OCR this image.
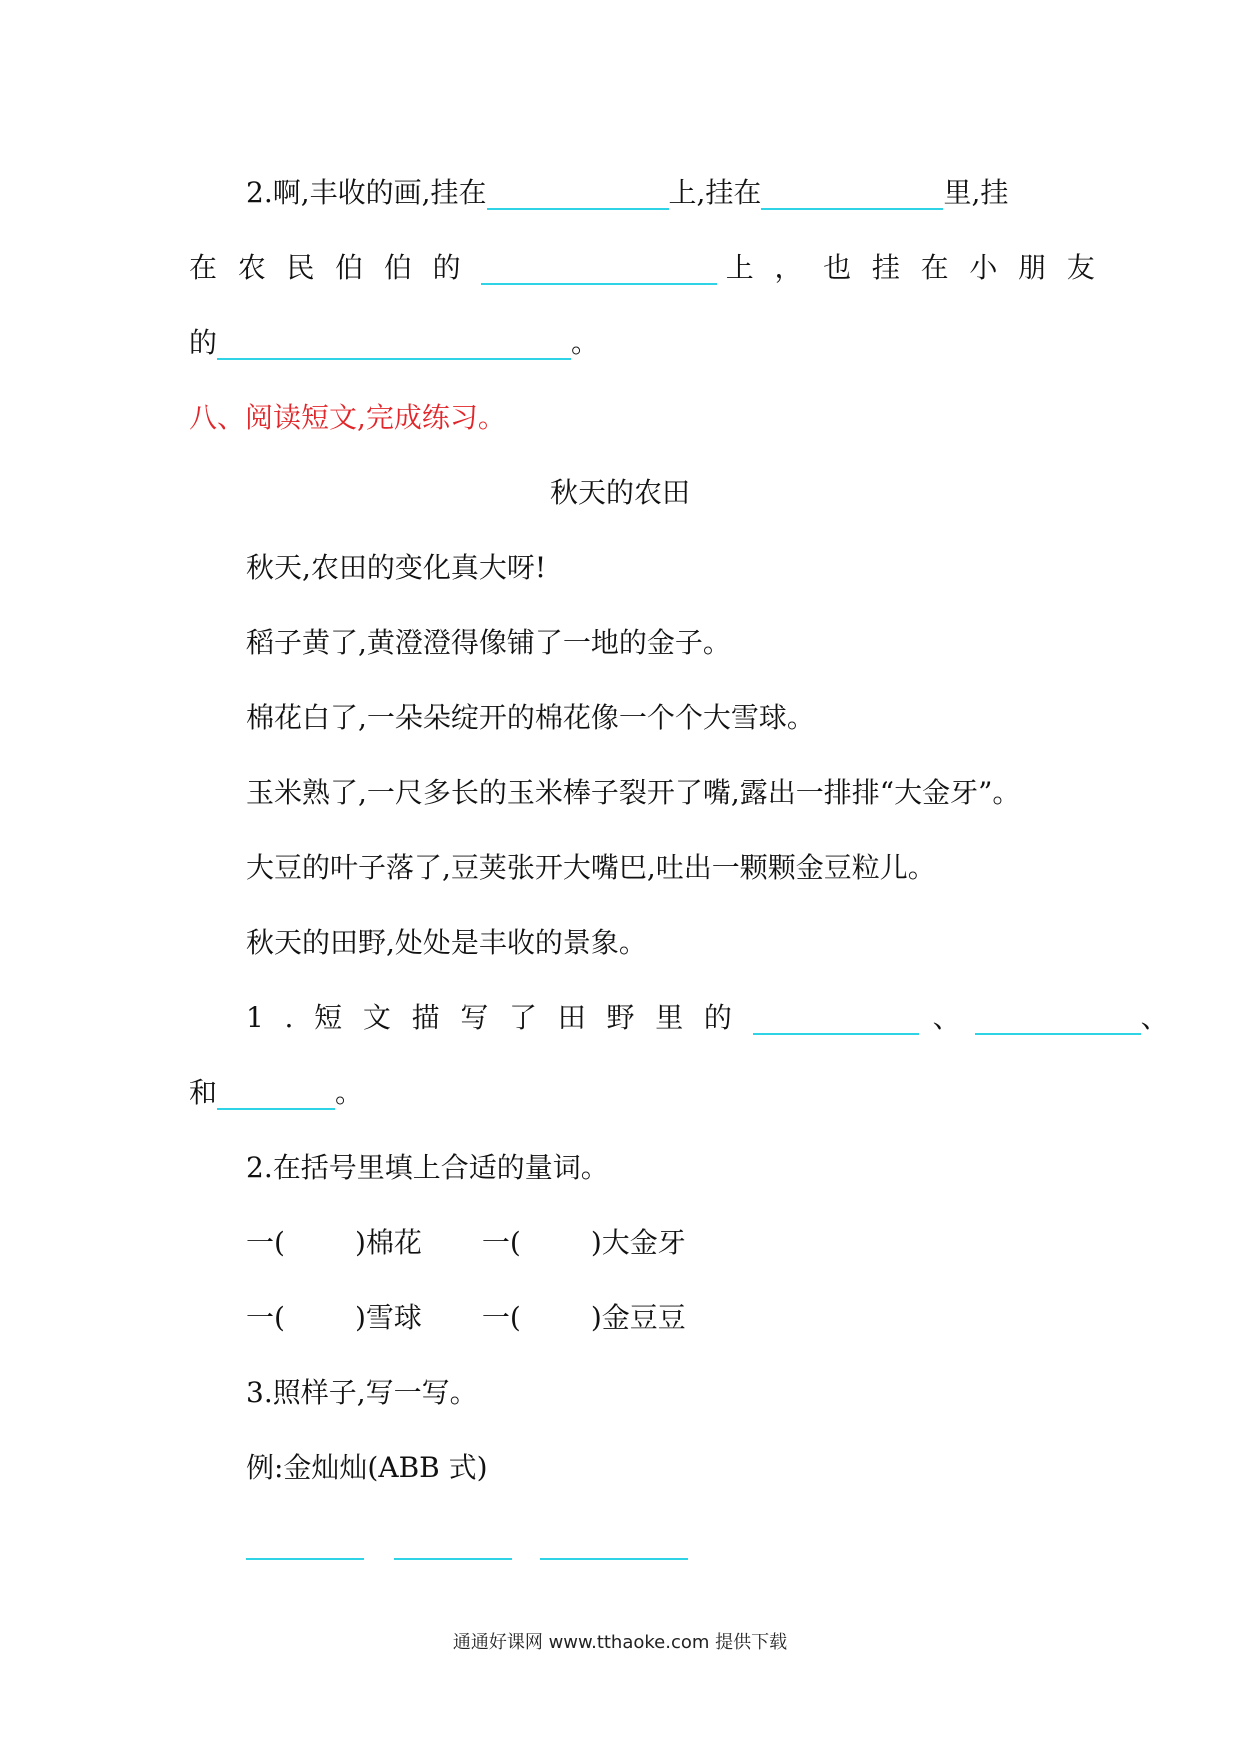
2.啊,丰收的画,挂在	上,挂在	里,挂
在农民伯伯的	上，也挂在小朋友
的	。
八、阅读短文,完成练习。
秋天的农田
秋天,农田的变化真大呀!
稻子黄了,黄澄澄得像铺了一地的金子。
棉花白了,一朵朵绽开的棉花像一个个大雪球。
玉米熟了,一尺多长的玉米棒子裂开了嘴,露出一排排“大金牙”。
大豆的叶子落了,豆荚张开大嘴巴,吐出一颗颗金豆粒儿。
秋天的田野,处处是丰收的景象。
1.短文描写了田野里的	、	、
和	。
2.在括号里填上合适的量词。
一(	)棉花 一(	)大金牙
一(	)雪球 一(	)金豆豆
3.照样子,写一写。
例:金灿灿(ABB 式)
通通好课网 www.tthaoke.com 提供下载
